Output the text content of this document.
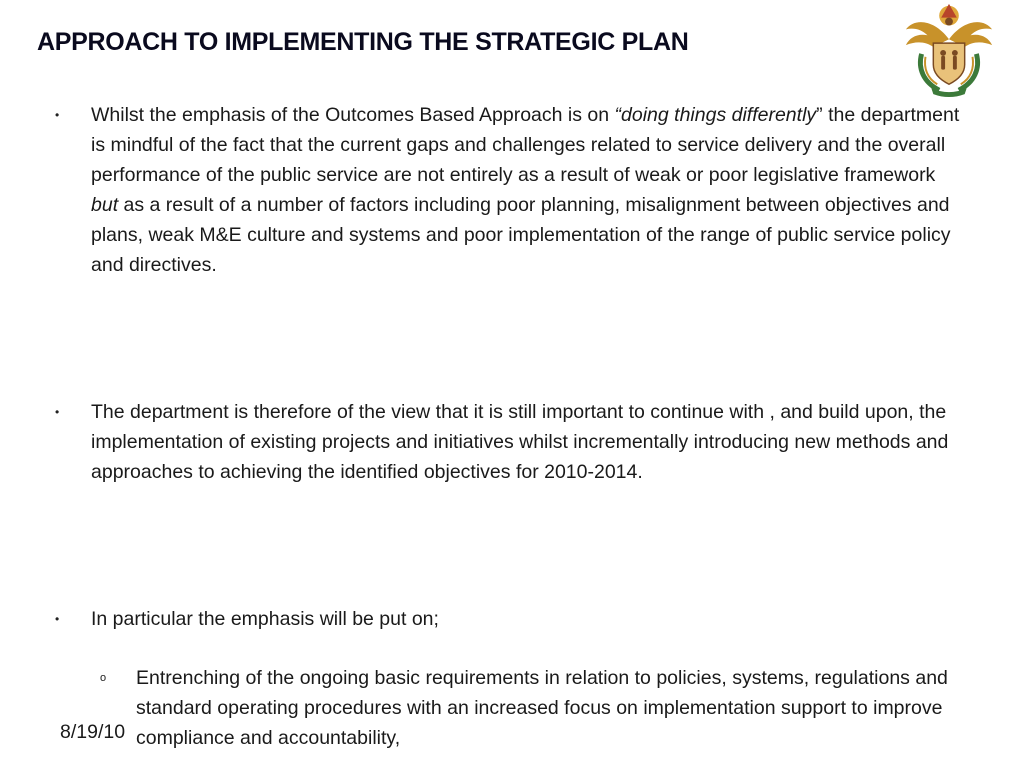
APPROACH TO IMPLEMENTING THE STRATEGIC PLAN
• Whilst the emphasis of the Outcomes Based Approach is on “doing things differently” the department is mindful of the fact that the current gaps and challenges related to service delivery and the overall performance of the public service are not entirely as a result of weak or poor legislative framework but as a result of a number of factors including poor planning, misalignment between objectives and plans, weak M&E culture and systems and poor implementation of the range of public service policy and directives.

• The department is therefore of the view that it is still important to continue with , and build upon, the implementation of existing projects and initiatives whilst incrementally introducing new methods and approaches to achieving the identified objectives for 2010-2014.

• In particular the emphasis will be put on;

o Entrenching of the ongoing basic requirements in relation to policies, systems, regulations and standard operating procedures with an increased focus on implementation support to improve compliance and accountability,

8/19/10
